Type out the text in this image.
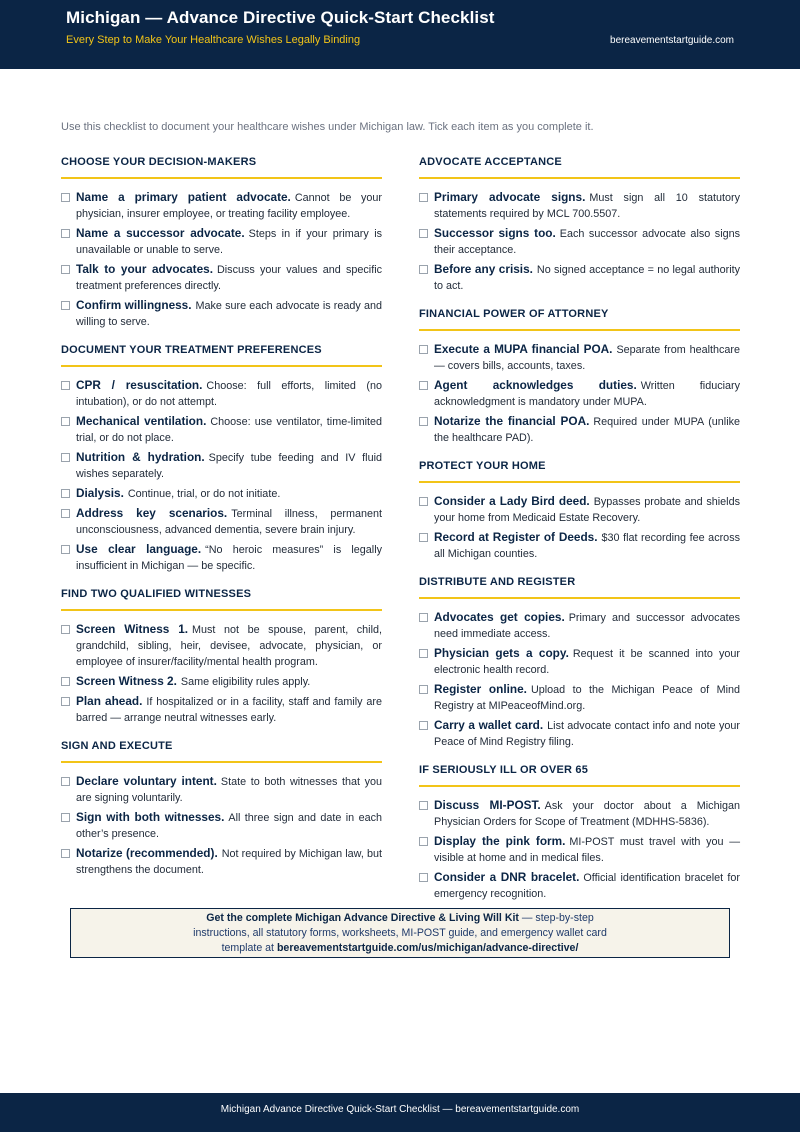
Michigan — Advance Directive Quick-Start Checklist
Every Step to Make Your Healthcare Wishes Legally Binding	bereavementstartguide.com
Use this checklist to document your healthcare wishes under Michigan law. Tick each item as you complete it.
CHOOSE YOUR DECISION-MAKERS
Name a primary patient advocate. Cannot be your physician, insurer employee, or treating facility employee.
Name a successor advocate. Steps in if your primary is unavailable or unable to serve.
Talk to your advocates. Discuss your values and specific treatment preferences directly.
Confirm willingness. Make sure each advocate is ready and willing to serve.
DOCUMENT YOUR TREATMENT PREFERENCES
CPR / resuscitation. Choose: full efforts, limited (no intubation), or do not attempt.
Mechanical ventilation. Choose: use ventilator, time-limited trial, or do not place.
Nutrition & hydration. Specify tube feeding and IV fluid wishes separately.
Dialysis. Continue, trial, or do not initiate.
Address key scenarios. Terminal illness, permanent unconsciousness, advanced dementia, severe brain injury.
Use clear language. “No heroic measures” is legally insufficient in Michigan — be specific.
FIND TWO QUALIFIED WITNESSES
Screen Witness 1. Must not be spouse, parent, child, grandchild, sibling, heir, devisee, advocate, physician, or employee of insurer/facility/mental health program.
Screen Witness 2. Same eligibility rules apply.
Plan ahead. If hospitalized or in a facility, staff and family are barred — arrange neutral witnesses early.
SIGN AND EXECUTE
Declare voluntary intent. State to both witnesses that you are signing voluntarily.
Sign with both witnesses. All three sign and date in each other’s presence.
Notarize (recommended). Not required by Michigan law, but strengthens the document.
ADVOCATE ACCEPTANCE
Primary advocate signs. Must sign all 10 statutory statements required by MCL 700.5507.
Successor signs too. Each successor advocate also signs their acceptance.
Before any crisis. No signed acceptance = no legal authority to act.
FINANCIAL POWER OF ATTORNEY
Execute a MUPA financial POA. Separate from healthcare — covers bills, accounts, taxes.
Agent acknowledges duties. Written fiduciary acknowledgment is mandatory under MUPA.
Notarize the financial POA. Required under MUPA (unlike the healthcare PAD).
PROTECT YOUR HOME
Consider a Lady Bird deed. Bypasses probate and shields your home from Medicaid Estate Recovery.
Record at Register of Deeds. $30 flat recording fee across all Michigan counties.
DISTRIBUTE AND REGISTER
Advocates get copies. Primary and successor advocates need immediate access.
Physician gets a copy. Request it be scanned into your electronic health record.
Register online. Upload to the Michigan Peace of Mind Registry at MIPeaceofMind.org.
Carry a wallet card. List advocate contact info and note your Peace of Mind Registry filing.
IF SERIOUSLY ILL OR OVER 65
Discuss MI-POST. Ask your doctor about a Michigan Physician Orders for Scope of Treatment (MDHHS-5836).
Display the pink form. MI-POST must travel with you — visible at home and in medical files.
Consider a DNR bracelet. Official identification bracelet for emergency recognition.
Get the complete Michigan Advance Directive & Living Will Kit — step-by-step instructions, all statutory forms, worksheets, MI-POST guide, and emergency wallet card template at bereavementstartguide.com/us/michigan/advance-directive/
Michigan Advance Directive Quick-Start Checklist — bereavementstartguide.com
